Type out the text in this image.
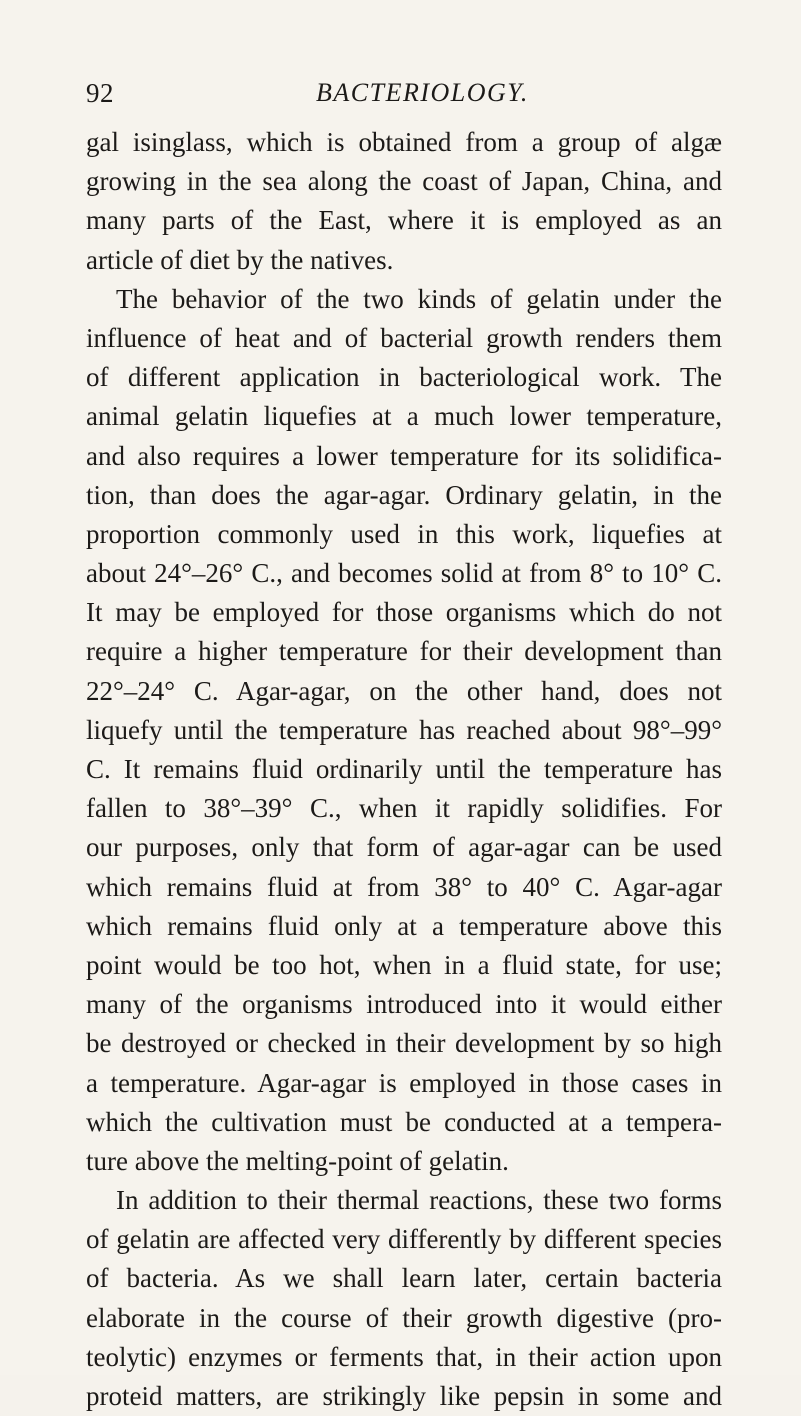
92	BACTERIOLOGY.
gal isinglass, which is obtained from a group of algæ
growing in the sea along the coast of Japan, China, and
many parts of the East, where it is employed as an
article of diet by the natives.
The behavior of the two kinds of gelatin under the
influence of heat and of bacterial growth renders them
of different application in bacteriological work. The
animal gelatin liquefies at a much lower temperature,
and also requires a lower temperature for its solidifica-
tion, than does the agar-agar. Ordinary gelatin, in the
proportion commonly used in this work, liquefies at
about 24°–26° C., and becomes solid at from 8° to 10° C.
It may be employed for those organisms which do not
require a higher temperature for their development than
22°–24° C. Agar-agar, on the other hand, does not
liquefy until the temperature has reached about 98°–99°
C. It remains fluid ordinarily until the temperature has
fallen to 38°–39° C., when it rapidly solidifies. For
our purposes, only that form of agar-agar can be used
which remains fluid at from 38° to 40° C. Agar-agar
which remains fluid only at a temperature above this
point would be too hot, when in a fluid state, for use;
many of the organisms introduced into it would either
be destroyed or checked in their development by so high
a temperature. Agar-agar is employed in those cases in
which the cultivation must be conducted at a tempera-
ture above the melting-point of gelatin.
In addition to their thermal reactions, these two forms
of gelatin are affected very differently by different species
of bacteria. As we shall learn later, certain bacteria
elaborate in the course of their growth digestive (pro-
teolytic) enzymes or ferments that, in their action upon
proteid matters, are strikingly like pepsin in some and
